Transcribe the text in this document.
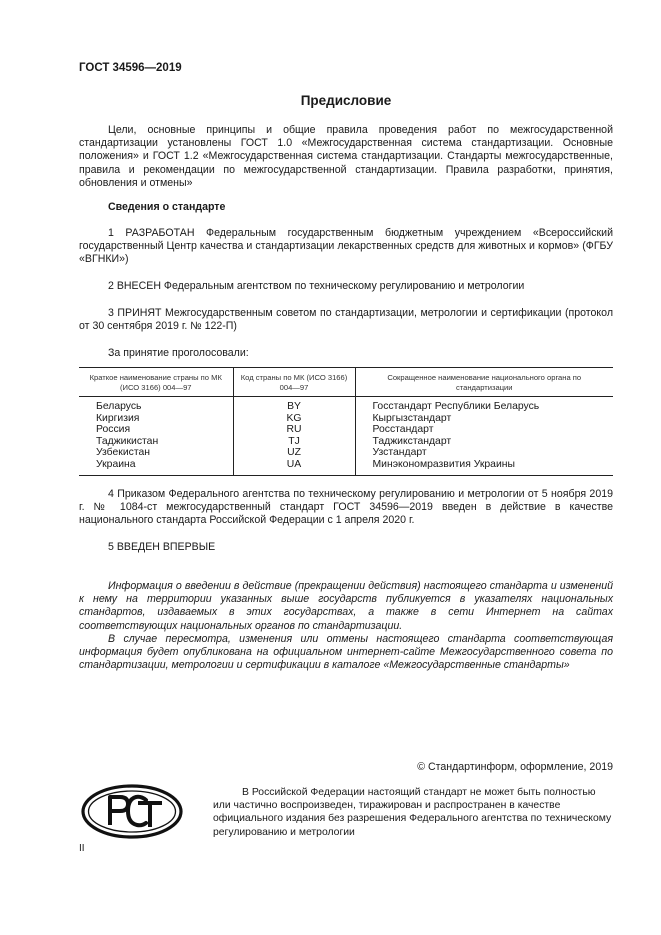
ГОСТ 34596—2019
Предисловие
Цели, основные принципы и общие правила проведения работ по межгосударственной стандартизации установлены ГОСТ 1.0 «Межгосударственная система стандартизации. Основные положения» и ГОСТ 1.2 «Межгосударственная система стандартизации. Стандарты межгосударственные, правила и рекомендации по межгосударственной стандартизации. Правила разработки, принятия, обновления и отмены»
Сведения о стандарте
1 РАЗРАБОТАН Федеральным государственным бюджетным учреждением «Всероссийский государственный Центр качества и стандартизации лекарственных средств для животных и кормов» (ФГБУ «ВГНКИ»)
2 ВНЕСЕН Федеральным агентством по техническому регулированию и метрологии
3 ПРИНЯТ Межгосударственным советом по стандартизации, метрологии и сертификации (протокол от 30 сентября 2019 г. № 122-П)
За принятие проголосовали:
Краткое наименование страны по МК (ИСО 3166) 004—97	Код страны по МК (ИСО 3166) 004—97	Сокращенное наименование национального органа по стандартизации
Беларусь	BY	Госстандарт Республики Беларусь
Киргизия	KG	Кыргызстандарт
Россия	RU	Росстандарт
Таджикистан	TJ	Таджикстандарт
Узбекистан	UZ	Узстандарт
Украина	UA	Минэкономразвития Украины
4 Приказом Федерального агентства по техническому регулированию и метрологии от 5 ноября 2019 г. № 1084-ст межгосударственный стандарт ГОСТ 34596—2019 введен в действие в качестве национального стандарта Российской Федерации с 1 апреля 2020 г.
5 ВВЕДЕН ВПЕРВЫЕ
Информация о введении в действие (прекращении действия) настоящего стандарта и изменений к нему на территории указанных выше государств публикуется в указателях национальных стандартов, издаваемых в этих государствах, а также в сети Интернет на сайтах соответствующих национальных органов по стандартизации.
В случае пересмотра, изменения или отмены настоящего стандарта соответствующая информация будет опубликована на официальном интернет-сайте Межгосударственного совета по стандартизации, метрологии и сертификации в каталоге «Межгосударственные стандарты»
© Стандартинформ, оформление, 2019
В Российской Федерации настоящий стандарт не может быть полностью или частично воспроизведен, тиражирован и распространен в качестве официального издания без разрешения Федерального агентства по техническому регулированию и метрологии
II
